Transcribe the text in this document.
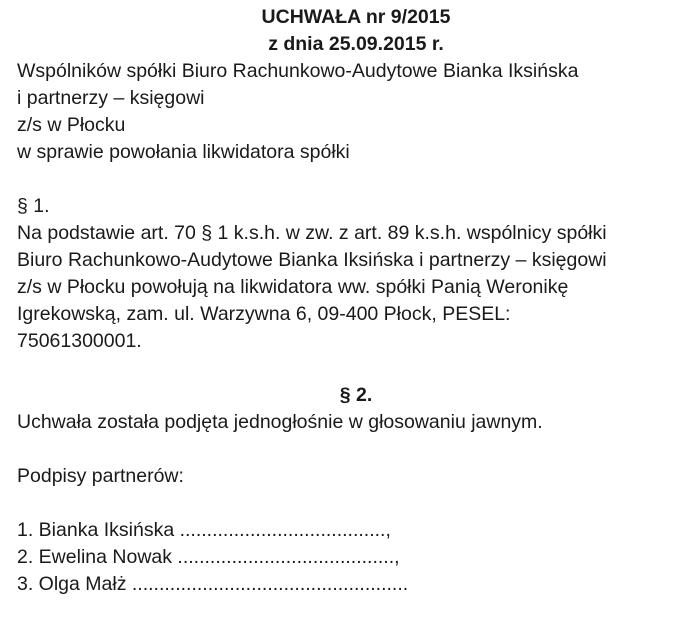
UCHWAŁA nr 9/2015
z dnia 25.09.2015 r.
Wspólników spółki Biuro Rachunkowo-Audytowe Bianka Iksińska
i partnerzy – księgowi
z/s w Płocku
w sprawie powołania likwidatora spółki
§ 1.
Na podstawie art. 70 § 1 k.s.h. w zw. z art. 89 k.s.h. wspólnicy spółki
Biuro Rachunkowo-Audytowe Bianka Iksińska i partnerzy – księgowi
z/s w Płocku powołują na likwidatora ww. spółki Panią Weronikę
Igrekowską, zam. ul. Warzywna 6, 09-400 Płock, PESEL:
75061300001.
§ 2.
Uchwała została podjęta jednogłośnie w głosowaniu jawnym.
Podpisy partnerów:
1. Bianka Iksińska ......................................,
2. Ewelina Nowak ........................................,
3. Olga Małż ...................................................
